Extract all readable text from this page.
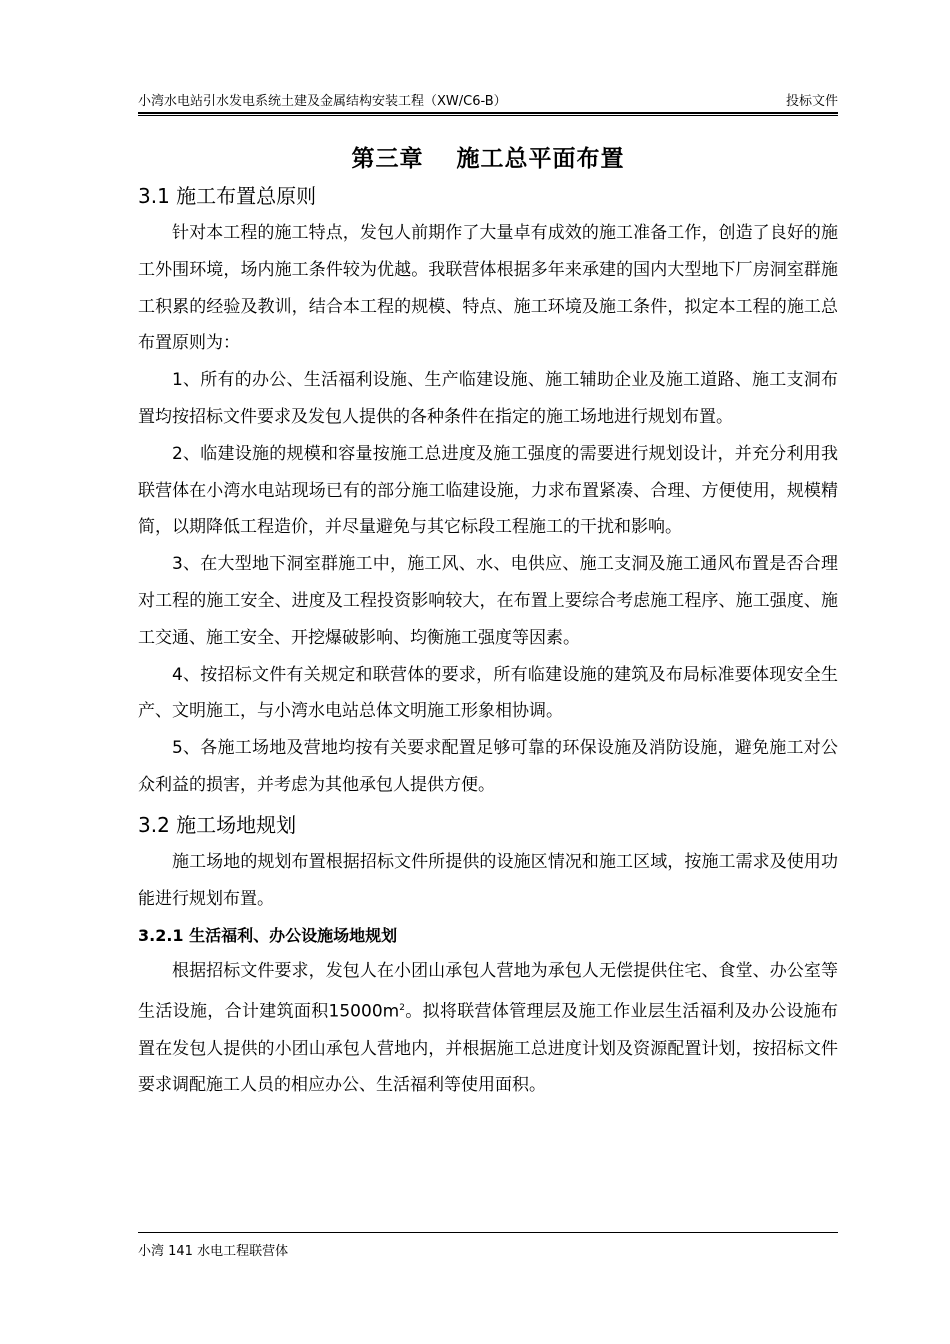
小湾水电站引水发电系统土建及金属结构安装工程（XW/C6-B）	投标文件
第三章　 施工总平面布置
3.1 施工布置总原则

针对本工程的施工特点，发包人前期作了大量卓有成效的施工准备工作，创造了良好的施工外围环境，场内施工条件较为优越。我联营体根据多年来承建的国内大型地下厂房洞室群施工积累的经验及教训，结合本工程的规模、特点、施工环境及施工条件，拟定本工程的施工总布置原则为：

1、所有的办公、生活福利设施、生产临建设施、施工辅助企业及施工道路、施工支洞布置均按招标文件要求及发包人提供的各种条件在指定的施工场地进行规划布置。

2、临建设施的规模和容量按施工总进度及施工强度的需要进行规划设计，并充分利用我联营体在小湾水电站现场已有的部分施工临建设施，力求布置紧凑、合理、方便使用，规模精简，以期降低工程造价，并尽量避免与其它标段工程施工的干扰和影响。

3、在大型地下洞室群施工中，施工风、水、电供应、施工支洞及施工通风布置是否合理对工程的施工安全、进度及工程投资影响较大，在布置上要综合考虑施工程序、施工强度、施工交通、施工安全、开挖爆破影响、均衡施工强度等因素。

4、按招标文件有关规定和联营体的要求，所有临建设施的建筑及布局标准要体现安全生产、文明施工，与小湾水电站总体文明施工形象相协调。

5、各施工场地及营地均按有关要求配置足够可靠的环保设施及消防设施，避免施工对公众利益的损害，并考虑为其他承包人提供方便。

3.2 施工场地规划

施工场地的规划布置根据招标文件所提供的设施区情况和施工区域，按施工需求及使用功能进行规划布置。

3.2.1 生活福利、办公设施场地规划

根据招标文件要求，发包人在小团山承包人营地为承包人无偿提供住宅、食堂、办公室等生活设施，合计建筑面积$15000m^2$。拟将联营体管理层及施工作业层生活福利及办公设施布置在发包人提供的小团山承包人营地内，并根据施工总进度计划及资源配置计划，按招标文件要求调配施工人员的相应办公、生活福利等使用面积。

小湾 141 水电工程联营体
